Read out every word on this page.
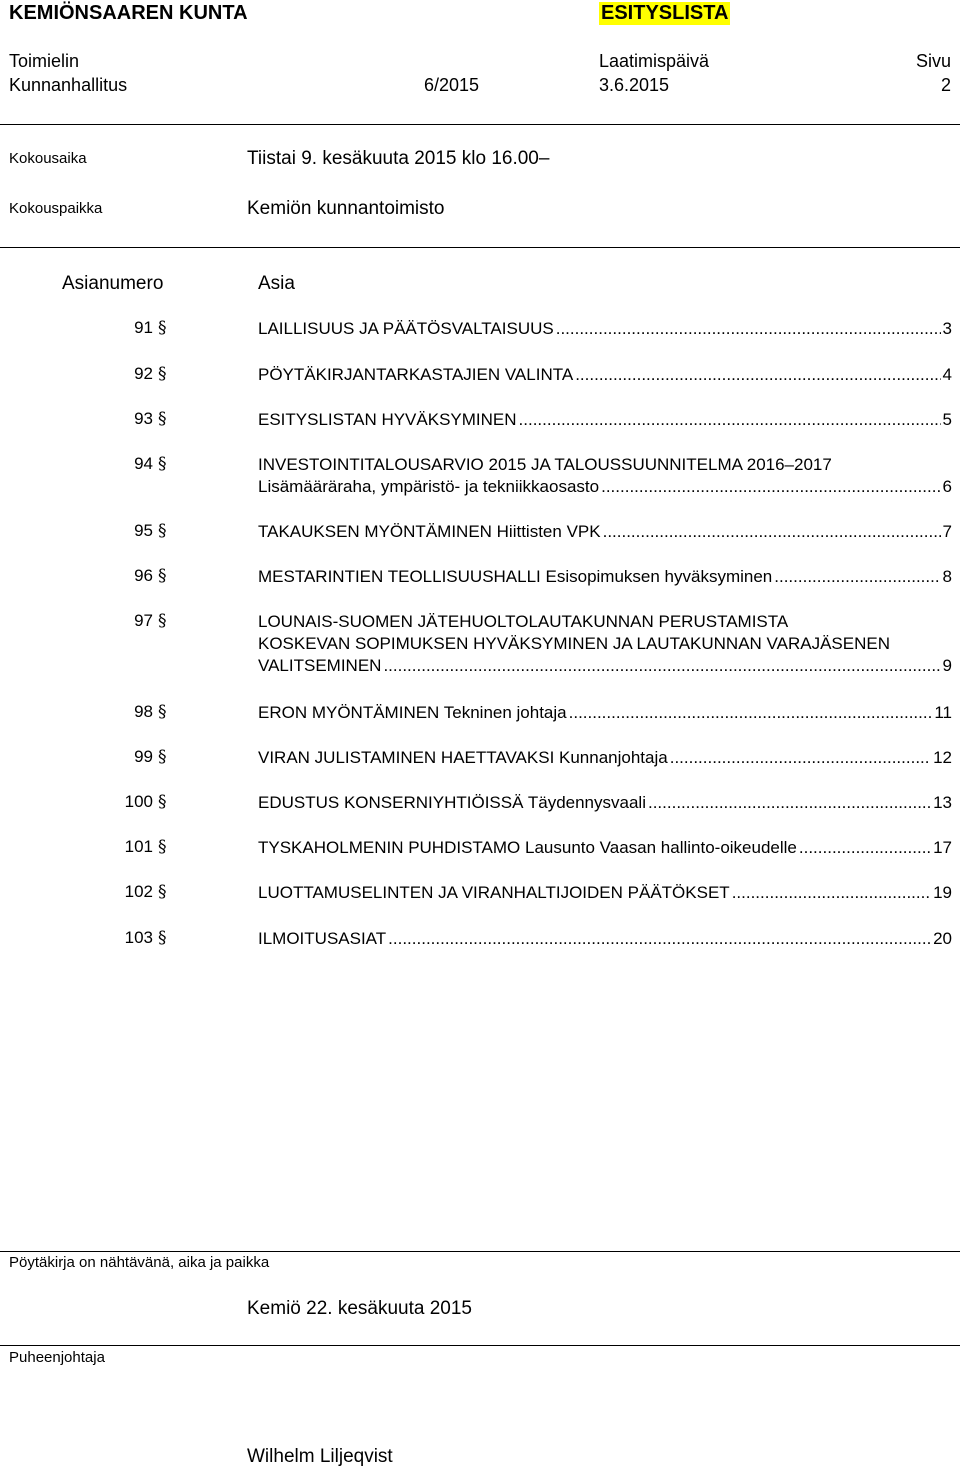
KEMIÖNSAAREN KUNTA	ESITYSLISTA
Toimielin
Kunnanhallitus	6/2015
Laatimispäivä
3.6.2015
Sivu
2
Kokousaika	Tiistai 9. kesäkuuta 2015 klo 16.00–
Kokouspaikka	Kemiön kunnantoimisto
Asianumero	Asia
91 §	LAILLISUUS JA PÄÄTÖSVALTAISUUS .....	3
92 §	PÖYTÄKIRJANTARKASTAJIEN VALINTA .....	4
93 §	ESITYSLISTAN HYVÄKSYMINEN .....	5
94 §	INVESTOINTITALOUSARVIO 2015 JA TALOUSSUUNNITELMA 2016–2017
Lisämääräraha, ympäristö- ja tekniikkaosasto .....	6
95 §	TAKAUKSEN MYÖNTÄMINEN Hiittisten VPK .....	7
96 §	MESTARINTIEN TEOLLISUUSHALLI Esisopimuksen hyväksyminen .....	8
97 §	LOUNAIS-SUOMEN JÄTEHUOLTOLAUTAKUNNAN PERUSTAMISTA
KOSKEVAN SOPIMUKSEN HYVÄKSYMINEN JA LAUTAKUNNAN VARAJÄSENEN
VALITSEMINEN .....	9
98 §	ERON MYÖNTÄMINEN Tekninen johtaja .....	11
99 §	VIRAN JULISTAMINEN HAETTAVAKSI Kunnanjohtaja .....	12
100 §	EDUSTUS KONSERNIYHTIÖISSÄ Täydennysvaali .....	13
101 §	TYSKAHOLMENIN PUHDISTAMO Lausunto Vaasan hallinto-oikeudelle .....	17
102 §	LUOTTAMUSELINTEN JA VIRANHALTIJOIDEN PÄÄTÖKSET .....	19
103 §	ILMOITUSASIAT .....	20
Pöytäkirja on nähtävänä, aika ja paikka
Kemiö 22. kesäkuuta 2015
Puheenjohtaja
Wilhelm Liljeqvist
